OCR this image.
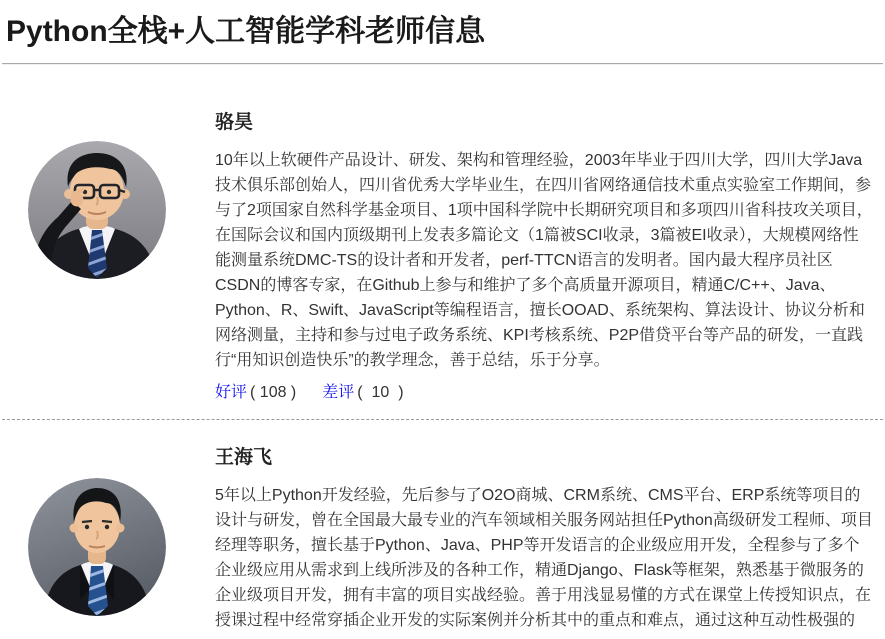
Python全栈+人工智能学科老师信息
骆昊

10年以上软硬件产品设计、研发、架构和管理经验，2003年毕业于四川大学，四川大学Java技术俱乐部创始人，四川省优秀大学毕业生，在四川省网络通信技术重点实验室工作期间，参与了2项国家自然科学基金项目、1项中国科学院中长期研究项目和多项四川省科技攻关项目，在国际会议和国内顶级期刊上发表多篇论文（1篇被SCI收录，3篇被EI收录），大规模网络性能测量系统DMC-TS的设计者和开发者，perf-TTCN语言的发明者。国内最大程序员社区CSDN的博客专家，在Github上参与和维护了多个高质量开源项目，精通C/C++、Java、Python、R、Swift、JavaScript等编程语言，擅长OOAD、系统架构、算法设计、协议分析和网络测量，主持和参与过电子政务系统、KPI考核系统、P2P借贷平台等产品的研发，一直践行“用知识创造快乐”的教学理念，善于总结，乐于分享。

好评 ( 108 ) 差评 (  10  )

王海飞

5年以上Python开发经验，先后参与了O2O商城、CRM系统、CMS平台、ERP系统等项目的设计与研发，曾在全国最大最专业的汽车领域相关服务网站担任Python高级研发工程师、项目经理等职务，擅长基于Python、Java、PHP等开发语言的企业级应用开发，全程参与了多个企业级应用从需求到上线所涉及的各种工作，精通Django、Flask等框架，熟悉基于微服务的企业级项目开发，拥有丰富的项目实战经验。善于用浅显易懂的方式在课堂上传授知识点，在授课过程中经常穿插企业开发的实际案例并分析其中的重点和难点，通过这种互动性极强的
